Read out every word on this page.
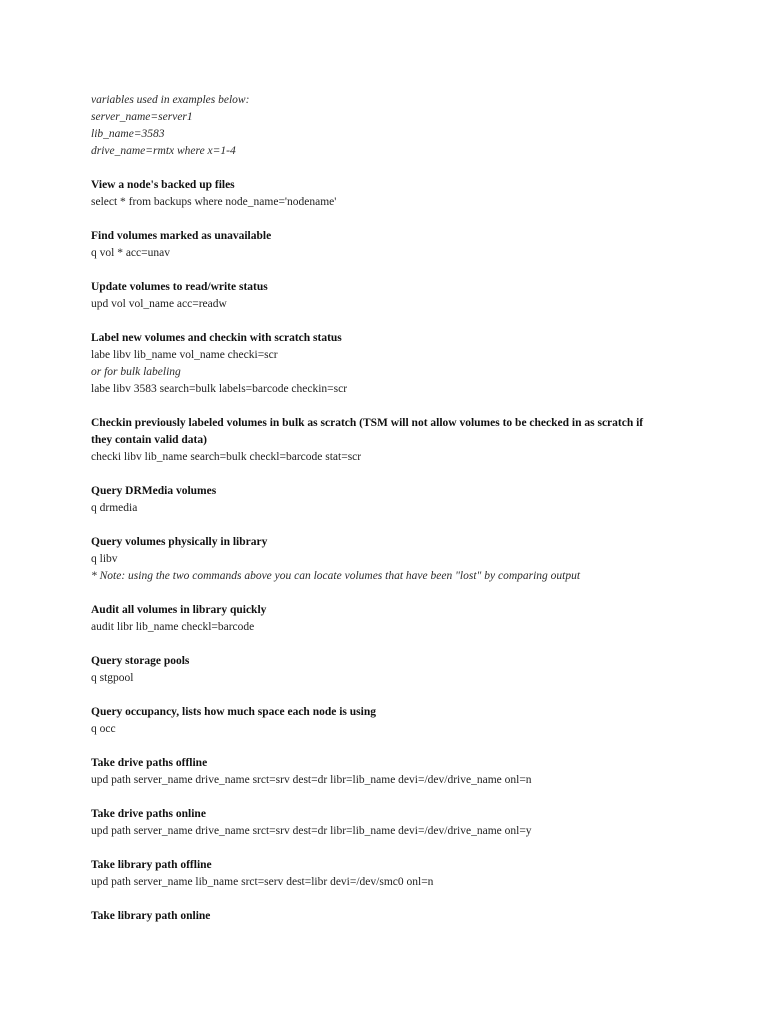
variables used in examples below:
server_name=server1
lib_name=3583
drive_name=rmtx where x=1-4
View a node's backed up files
select * from backups where node_name='nodename'
Find volumes marked as unavailable
q vol * acc=unav
Update volumes to read/write status
upd vol vol_name acc=readw
Label new volumes and checkin with scratch status
labe libv lib_name vol_name checki=scr
or for bulk labeling
labe libv 3583 search=bulk labels=barcode checkin=scr
Checkin previously labeled volumes in bulk as scratch (TSM will not allow volumes to be checked in as scratch if they contain valid data)
checki libv lib_name search=bulk checkl=barcode stat=scr
Query DRMedia volumes
q drmedia
Query volumes physically in library
q libv
* Note: using the two commands above you can locate volumes that have been "lost" by comparing output
Audit all volumes in library quickly
audit libr lib_name checkl=barcode
Query storage pools
q stgpool
Query occupancy, lists how much space each node is using
q occ
Take drive paths offline
upd path server_name drive_name srct=srv dest=dr libr=lib_name devi=/dev/drive_name onl=n
Take drive paths online
upd path server_name drive_name srct=srv dest=dr libr=lib_name devi=/dev/drive_name onl=y
Take library path offline
upd path server_name lib_name srct=serv dest=libr devi=/dev/smc0 onl=n
Take library path online
